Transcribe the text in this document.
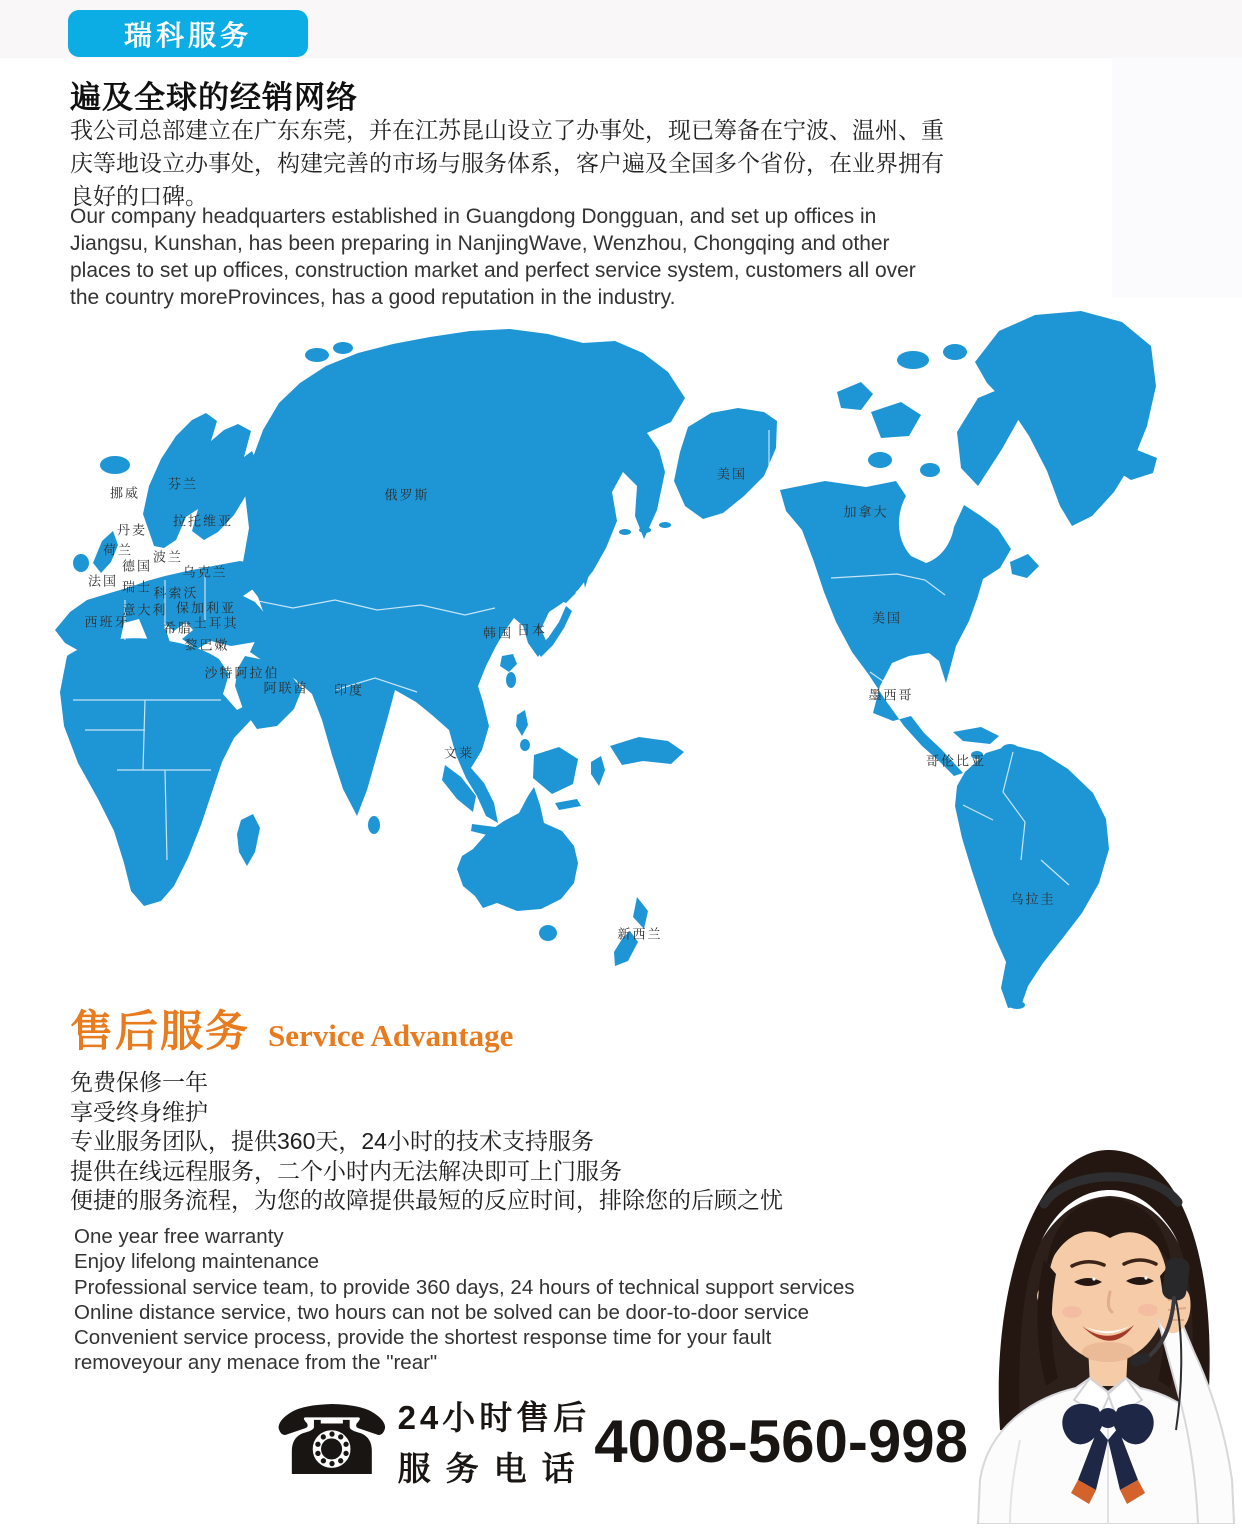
瑞科服务
遍及全球的经销网络

我公司总部建立在广东东莞，并在江苏昆山设立了办事处，现已筹备在宁波、温州、重庆等地设立办事处，构建完善的市场与服务体系，客户遍及全国多个省份，在业界拥有良好的口碑。

Our company headquarters established in Guangdong Dongguan, and set up offices in Jiangsu, Kunshan, has been preparing in NanjingWave, Wenzhou, Chongqing and other places to set up offices, construction market and perfect service system, customers all over the country moreProvinces, has a good reputation in the industry.

挪威
芬兰
丹麦
拉托维亚
荷兰 波兰
德国 乌克兰
法国 瑞士 科索沃
意大利 保加利亚
西班牙	希腊 土耳其
黎巴嫩
沙特阿拉伯
阿联酋 印度
俄罗斯
韩国 日本
文莱
新西兰
美国
加拿大
美国
墨西哥
哥伦比亚
乌拉圭
售后服务 Service Advantage
免费保修一年
享受终身维护
专业服务团队，提供360天，24小时的技术支持服务
提供在线远程服务，二个小时内无法解决即可上门服务
便捷的服务流程，为您的故障提供最短的反应时间，排除您的后顾之忧
One year free warranty
Enjoy lifelong maintenance
Professional service team, to provide 360 days, 24 hours of technical support services
Online distance service, two hours can not be solved can be door-to-door service
Convenient service process, provide the shortest response time for your fault
removeyour any menace from the "rear"
☎ 24小时售后
服务电话 4008-560-998
